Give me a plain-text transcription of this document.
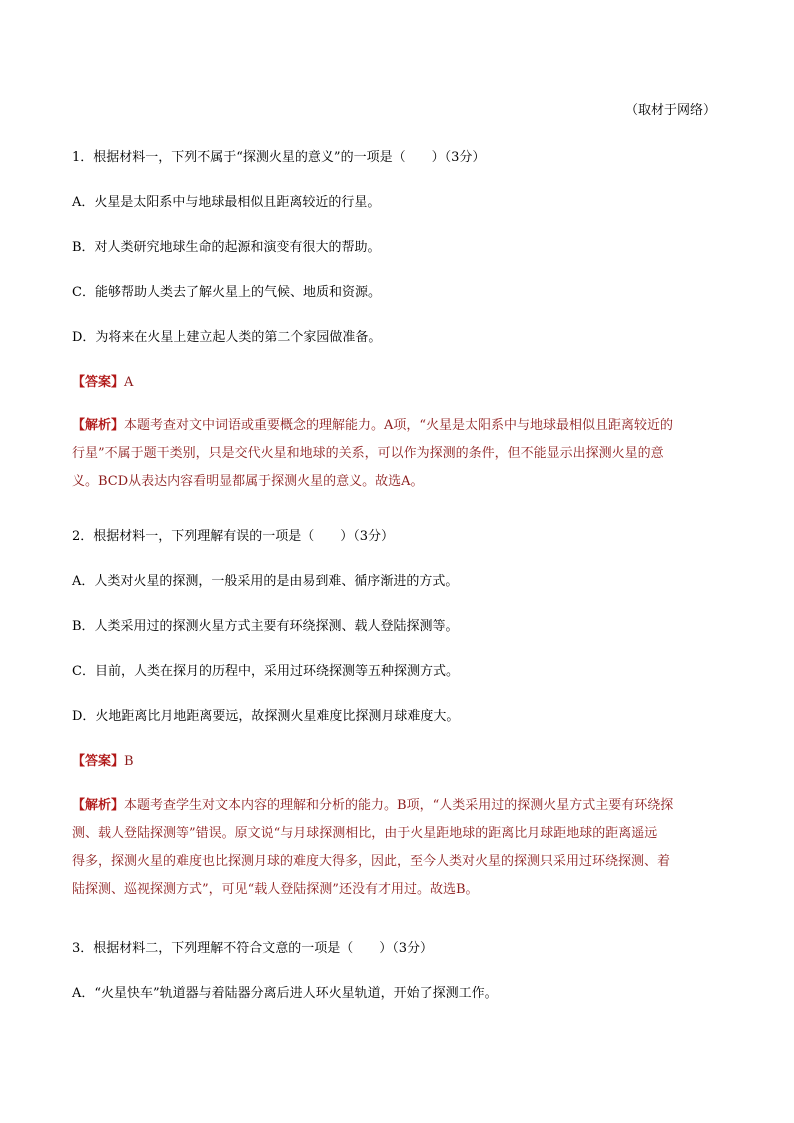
（取材于网络）
1．根据材料一，下列不属于“探测火星的意义”的一项是（　　）（3分）
A．火星是太阳系中与地球最相似且距离较近的行星。
B．对人类研究地球生命的起源和演变有很大的帮助。
C．能够帮助人类去了解火星上的气候、地质和资源。
D．为将来在火星上建立起人类的第二个家园做准备。
【答案】A
【解析】本题考查对文中词语或重要概念的理解能力。A项，“火星是太阳系中与地球最相似且距离较近的
行星”不属于题干类别，只是交代火星和地球的关系，可以作为探测的条件，但不能显示出探测火星的意
义。BCD从表达内容看明显都属于探测火星的意义。故选A。
2．根据材料一，下列理解有误的一项是（　　）（3分）
A．人类对火星的探测，一般采用的是由易到难、循序渐进的方式。
B．人类采用过的探测火星方式主要有环绕探测、载人登陆探测等。
C．目前，人类在探月的历程中，采用过环绕探测等五种探测方式。
D．火地距离比月地距离要远，故探测火星难度比探测月球难度大。
【答案】B
【解析】本题考查学生对文本内容的理解和分析的能力。B项，“人类采用过的探测火星方式主要有环绕探
测、载人登陆探测等”错误。原文说“与月球探测相比，由于火星距地球的距离比月球距地球的距离遥远
得多，探测火星的难度也比探测月球的难度大得多，因此，至今人类对火星的探测只采用过环绕探测、着
陆探测、巡视探测方式”，可见“载人登陆探测”还没有才用过。故选B。
3．根据材料二，下列理解不符合文意的一项是（　　）（3分）
A．“火星快车”轨道器与着陆器分离后进人环火星轨道，开始了探测工作。
